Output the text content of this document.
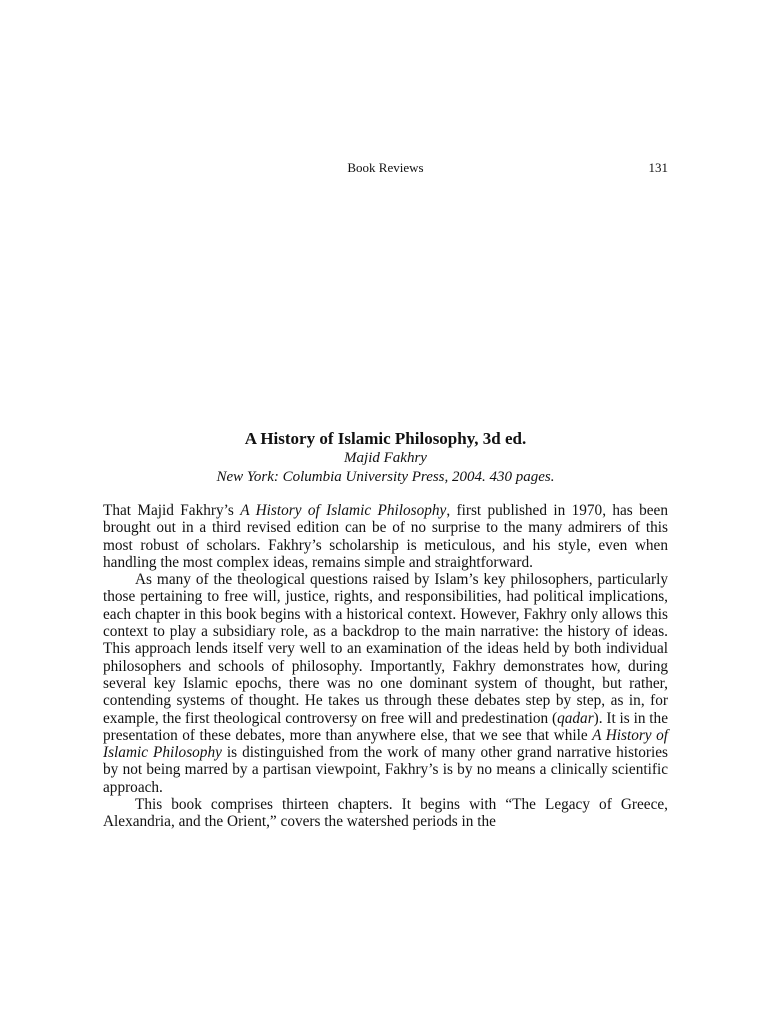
Book Reviews	131

A History of Islamic Philosophy, 3d ed.

Majid Fakhry

New York: Columbia University Press, 2004. 430 pages.

That Majid Fakhry’s A History of Islamic Philosophy, first published in 1970, has been brought out in a third revised edition can be of no surprise to the many admirers of this most robust of scholars. Fakhry’s scholarship is meticulous, and his style, even when handling the most complex ideas, remains simple and straightforward.

As many of the theological questions raised by Islam’s key philosophers, particularly those pertaining to free will, justice, rights, and responsibilities, had political implications, each chapter in this book begins with a historical context. However, Fakhry only allows this context to play a subsidiary role, as a backdrop to the main narrative: the history of ideas. This approach lends itself very well to an examination of the ideas held by both individual philosophers and schools of philosophy. Importantly, Fakhry demonstrates how, during several key Islamic epochs, there was no one dominant system of thought, but rather, contending systems of thought. He takes us through these debates step by step, as in, for example, the first theological controversy on free will and predestination (qadar). It is in the presentation of these debates, more than anywhere else, that we see that while A History of Islamic Philosophy is distinguished from the work of many other grand narrative histories by not being marred by a partisan viewpoint, Fakhry’s is by no means a clinically scientific approach.

This book comprises thirteen chapters. It begins with “The Legacy of Greece, Alexandria, and the Orient,” covers the watershed periods in the
